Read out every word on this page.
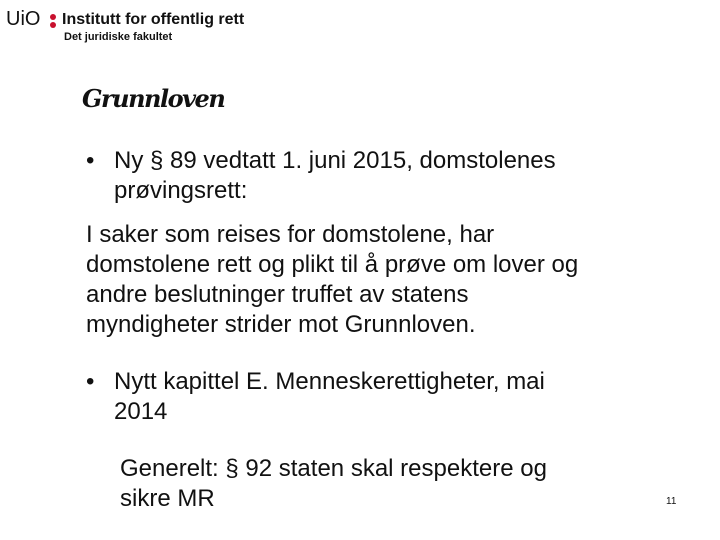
UiO Institutt for offentlig rett
Det juridiske fakultet
Grunnloven
• Ny § 89 vedtatt 1. juni 2015, domstolenes
prøvingsrett:
I saker som reises for domstolene, har
domstolene rett og plikt til å prøve om lover og
andre beslutninger truffet av statens
myndigheter strider mot Grunnloven.
• Nytt kapittel E. Menneskerettigheter, mai
2014
Generelt: § 92 staten skal respektere og
sikre MR	11
